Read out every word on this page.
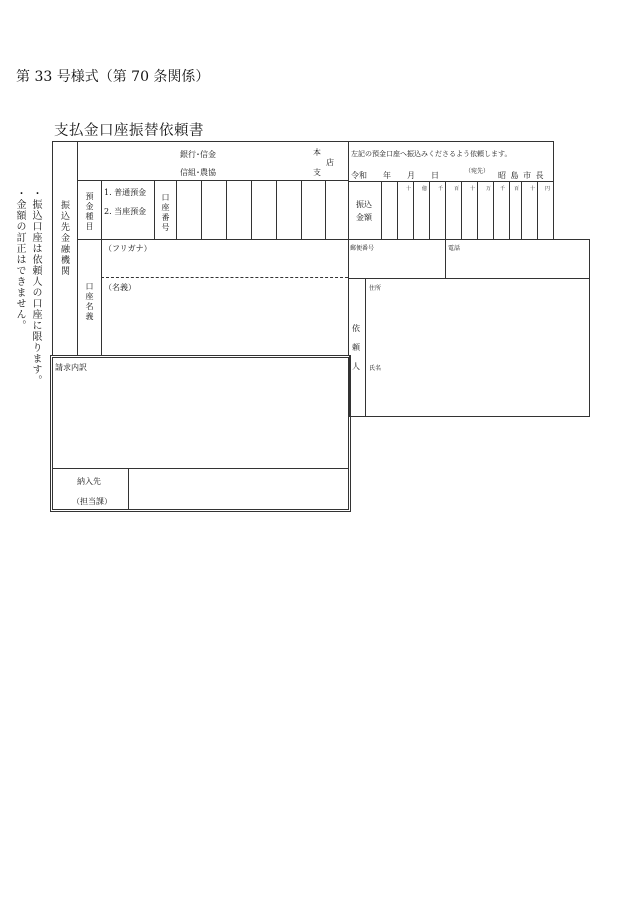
第 33 号様式（第 70 条関係）
支払金口座振替依頼書
・金額の訂正はできません。 ・振込口座は依頼人の口座に限ります。 振込先金融機関
銀行･信金
信組･農協
本
店
支
預金種目 1. 普通預金
2. 当座預金 口座番号
口座名義
（フリガナ）
（名義）
左記の預金口座へ振込みくださるよう依頼します。
令和 年 月 日	（宛先） 昭 島 市 長
振込
金額
十 億 千 百 十 万 千 百 十 円
郵便番号	電話
依
頼
人
住所
氏名
請求内訳
納入先
（担当課）
